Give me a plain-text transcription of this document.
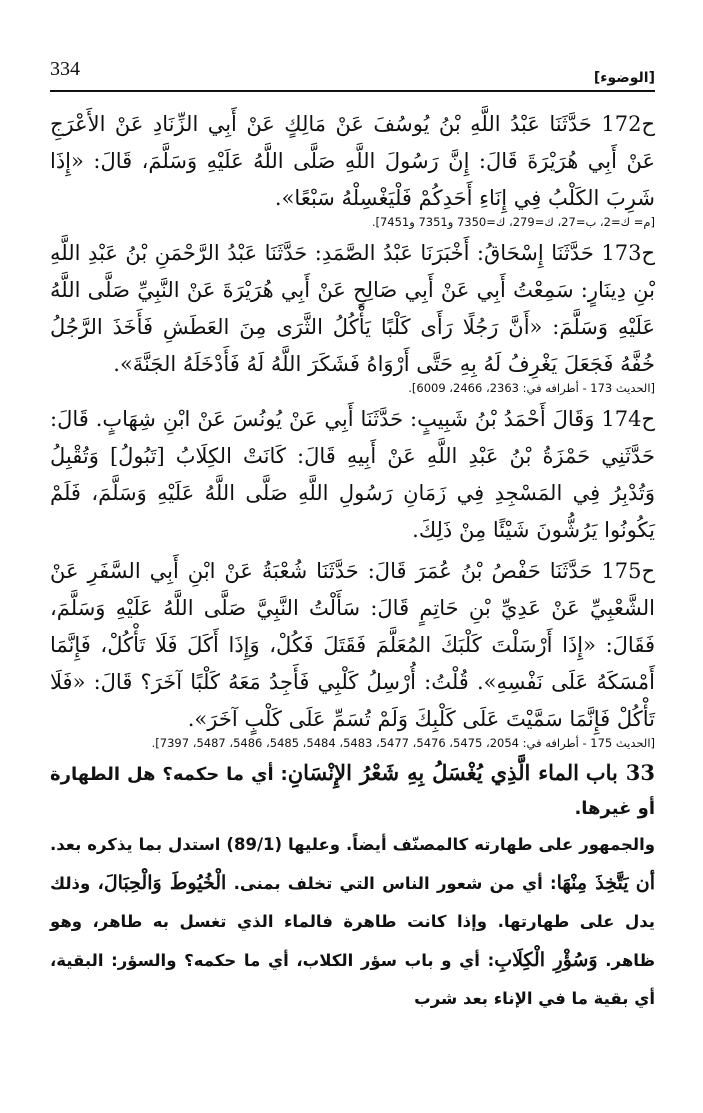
334	[الوضوء]
ح172 حَدَّثَنَا عَبْدُ اللَّهِ بْنُ يُوسُفَ عَنْ مَالِكٍ عَنْ أَبِي الزِّنَادِ عَنْ الأَعْرَجِ عَنْ أَبِي هُرَيْرَةَ قَالَ: إِنَّ رَسُولَ اللَّهِ صَلَّى اللَّهُ عَلَيْهِ وَسَلَّمَ، قَالَ: «إِذَا شَرِبَ الكَلْبُ فِي إِنَاءِ أَحَدِكُمْ فَلْيَغْسِلْهُ سَبْعًا».
[م= ك=2، ب=27، ك=279، ك=7350 و7351 و7451].
ح173 حَدَّثَنَا إِسْحَاقُ: أَخْبَرَنَا عَبْدُ الصَّمَدِ: حَدَّثَنَا عَبْدُ الرَّحْمَنِ بْنُ عَبْدِ اللَّهِ بْنِ دِينَارٍ: سَمِعْتُ أَبِي عَنْ أَبِي صَالِحٍ عَنْ أَبِي هُرَيْرَةَ عَنْ النَّبِيِّ صَلَّى اللَّهُ عَلَيْهِ وَسَلَّمَ: «أَنَّ رَجُلًا رَأَى كَلْبًا يَأْكُلُ الثَّرَى مِنَ العَطَشِ فَأَخَذَ الرَّجُلُ خُفَّهُ فَجَعَلَ يَغْرِفُ لَهُ بِهِ حَتَّى أَرْوَاهُ فَشَكَرَ اللَّهُ لَهُ فَأَدْخَلَهُ الجَنَّةَ».
[الحديث 173 - أطرافه في: 2363، 2466، 6009].
ح174 وَقَالَ أَحْمَدُ بْنُ شَبِيبٍ: حَدَّثَنَا أَبِي عَنْ يُونُسَ عَنْ ابْنِ شِهَابٍ. قَالَ: حَدَّثَنِي حَمْزَةُ بْنُ عَبْدِ اللَّهِ عَنْ أَبِيهِ قَالَ: كَانَتْ الكِلَابُ [تَبُولُ] وَتُقْبِلُ وَتُدْبِرُ فِي المَسْجِدِ فِي زَمَانِ رَسُولِ اللَّهِ صَلَّى اللَّهُ عَلَيْهِ وَسَلَّمَ، فَلَمْ يَكُونُوا يَرُشُّونَ شَيْئًا مِنْ ذَلِكَ.
ح175 حَدَّثَنَا حَفْصُ بْنُ عُمَرَ قَالَ: حَدَّثَنَا شُعْبَةُ عَنْ ابْنِ أَبِي السَّفَرِ عَنْ الشَّعْبِيِّ عَنْ عَدِيِّ بْنِ حَاتِمٍ قَالَ: سَأَلْتُ النَّبِيَّ صَلَّى اللَّهُ عَلَيْهِ وَسَلَّمَ، فَقَالَ: «إِذَا أَرْسَلْتَ كَلْبَكَ المُعَلَّمَ فَقَتَلَ فَكُلْ، وَإِذَا أَكَلَ فَلَا تَأْكُلْ، فَإِنَّمَا أَمْسَكَهُ عَلَى نَفْسِهِ». قُلْتُ: أُرْسِلُ كَلْبِي فَأَجِدُ مَعَهُ كَلْبًا آخَرَ؟ قَالَ: «فَلَا تَأْكُلْ فَإِنَّمَا سَمَّيْتَ عَلَى كَلْبِكَ وَلَمْ تُسَمِّ عَلَى كَلْبٍ آخَرَ».
[الحديث 175 - أطرافه في: 2054، 5475، 5476، 5477، 5483، 5484، 5485، 5486، 5487، 7397].
33 باب الماء الَّذِي يُغْسَلُ بِهِ شَعْرُ الإِنْسَانِ: أي ما حكمه؟ هل الطهارة أو غيرها.
والجمهور على طهارته كالمصنّف أيضاً. وعليها (89/1) استدل بما يذكره بعد. أن يَتَّخِذَ مِنْهَا: أي من شعور الناس التي تخلف بمنى. الْخُيُوطَ وَالْحِبَالَ، وذلك يدل على طهارتها. وإذا كانت طاهرة فالماء الذي تغسل به طاهر، وهو ظاهر. وَسُؤْرِ الْكِلَابِ: أي و باب سؤر الكلاب، أي ما حكمه؟ والسؤر: البقية، أي بقية ما في الإناء بعد شرب
